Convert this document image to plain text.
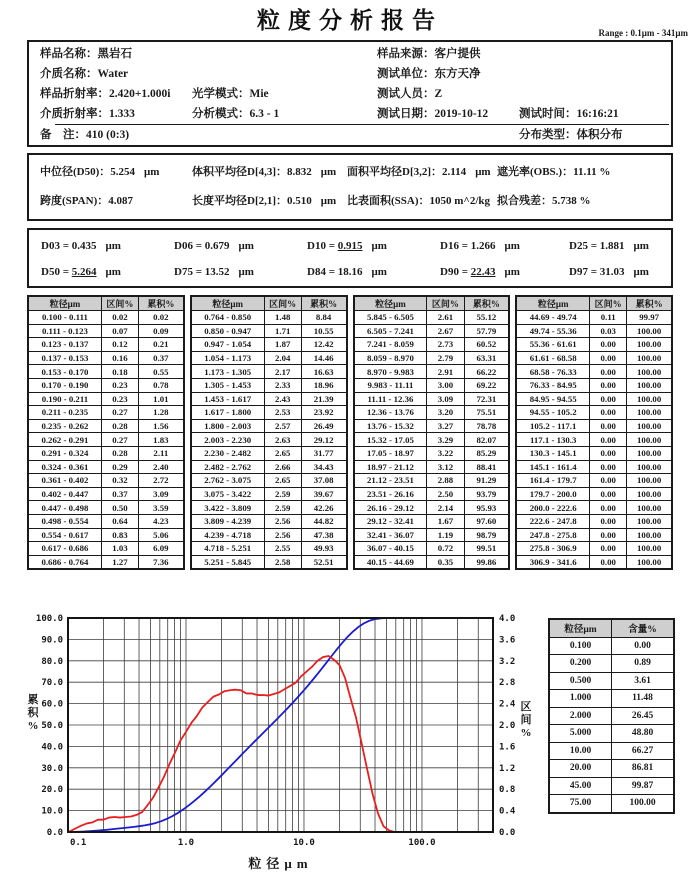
粒度分析报告	Range : 0.1μm - 341μm
样品名称：黑岩石	样品来源：客户提供
介质名称：Water	测试单位：东方天净
样品折射率：2.420+1.000i 光学模式：Mie	测试人员：Z
介质折射率：1.333	分析模式：6.3 - 1	测试日期：2019-10-12	测试时间：16:16:21
备　注：410 (0:3)	分布类型：体积分布
中位径(D50)：5.254 μm	体积平均径D[4,3]：8.832 μm 面积平均径D[3,2]：2.114 μm 遮光率(OBS.)：11.11 %
跨度(SPAN)：4.087	长度平均径D[2,1]：0.510 μm 比表面积(SSA)：1050 m^2/kg 拟合残差：5.738 %
D03 = 0.435 μm	D06 = 0.679 μm	D10 = 0.915 μm	D16 = 1.266 μm	D25 = 1.881 μm
D50 = 5.264 μm	D75 = 13.52 μm	D84 = 18.16 μm	D90 = 22.43 μm	D97 = 31.03 μm
粒径μm	区间%	累积%
0.100 - 0.111	0.02	0.02
0.111 - 0.123	0.07	0.09
0.123 - 0.137	0.12	0.21
0.137 - 0.153	0.16	0.37
0.153 - 0.170	0.18	0.55
0.170 - 0.190	0.23	0.78
0.190 - 0.211	0.23	1.01
0.211 - 0.235	0.27	1.28
0.235 - 0.262	0.28	1.56
0.262 - 0.291	0.27	1.83
0.291 - 0.324	0.28	2.11
0.324 - 0.361	0.29	2.40
0.361 - 0.402	0.32	2.72
0.402 - 0.447	0.37	3.09
0.447 - 0.498	0.50	3.59
0.498 - 0.554	0.64	4.23
0.554 - 0.617	0.83	5.06
0.617 - 0.686	1.03	6.09
0.686 - 0.764	1.27	7.36
粒径μm	区间%	累积%
0.764 - 0.850	1.48	8.84
0.850 - 0.947	1.71	10.55
0.947 - 1.054	1.87	12.42
1.054 - 1.173	2.04	14.46
1.173 - 1.305	2.17	16.63
1.305 - 1.453	2.33	18.96
1.453 - 1.617	2.43	21.39
1.617 - 1.800	2.53	23.92
1.800 - 2.003	2.57	26.49
2.003 - 2.230	2.63	29.12
2.230 - 2.482	2.65	31.77
2.482 - 2.762	2.66	34.43
2.762 - 3.075	2.65	37.08
3.075 - 3.422	2.59	39.67
3.422 - 3.809	2.59	42.26
3.809 - 4.239	2.56	44.82
4.239 - 4.718	2.56	47.38
4.718 - 5.251	2.55	49.93
5.251 - 5.845	2.58	52.51
粒径μm	区间%	累积%
5.845 - 6.505	2.61	55.12
6.505 - 7.241	2.67	57.79
7.241 - 8.059	2.73	60.52
8.059 - 8.970	2.79	63.31
8.970 - 9.983	2.91	66.22
9.983 - 11.11	3.00	69.22
11.11 - 12.36	3.09	72.31
12.36 - 13.76	3.20	75.51
13.76 - 15.32	3.27	78.78
15.32 - 17.05	3.29	82.07
17.05 - 18.97	3.22	85.29
18.97 - 21.12	3.12	88.41
21.12 - 23.51	2.88	91.29
23.51 - 26.16	2.50	93.79
26.16 - 29.12	2.14	95.93
29.12 - 32.41	1.67	97.60
32.41 - 36.07	1.19	98.79
36.07 - 40.15	0.72	99.51
40.15 - 44.69	0.35	99.86
粒径μm	区间%	累积%
44.69 - 49.74	0.11	99.97
49.74 - 55.36	0.03	100.00
55.36 - 61.61	0.00	100.00
61.61 - 68.58	0.00	100.00
68.58 - 76.33	0.00	100.00
76.33 - 84.95	0.00	100.00
84.95 - 94.55	0.00	100.00
94.55 - 105.2	0.00	100.00
105.2 - 117.1	0.00	100.00
117.1 - 130.3	0.00	100.00
130.3 - 145.1	0.00	100.00
145.1 - 161.4	0.00	100.00
161.4 - 179.7	0.00	100.00
179.7 - 200.0	0.00	100.00
200.0 - 222.6	0.00	100.00
222.6 - 247.8	0.00	100.00
247.8 - 275.8	0.00	100.00
275.8 - 306.9	0.00	100.00
306.9 - 341.6	0.00	100.00
0.0
10.0
20.0
30.0
40.0
50.0
60.0
70.0
80.0
90.0
100.0
0.0
0.4
0.8
1.2
1.6
2.0
2.4
2.8
3.2
3.6
4.0
0.1	1.0	10.0	100.0
累积%
区间%
粒径μm
粒径μm	含量%
0.100	0.00
0.200	0.89
0.500	3.61
1.000	11.48
2.000	26.45
5.000	48.80
10.00	66.27
20.00	86.81
45.00	99.87
75.00	100.00
